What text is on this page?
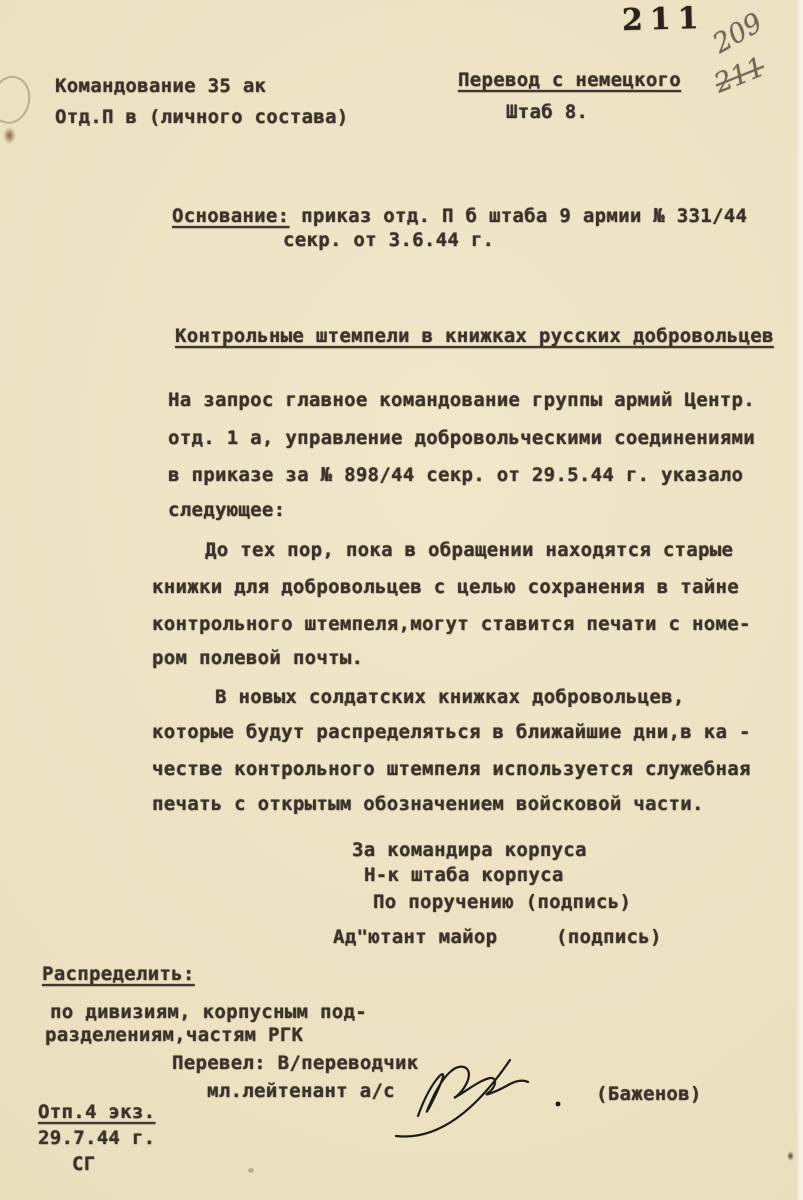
211 209
211
Командование 35 ак
Отд.П в (личного состава)
Перевод с немецкого
Штаб 8.
Основание: приказ отд. П б штаба 9 армии № 331/44
секр. от 3.6.44 г.
Контрольные штемпели в книжках русских добровольцев
На запрос главное командование группы армий Центр.
отд. 1 а, управление добровольческими соединениями
в приказе за № 898/44 секр. от 29.5.44 г. указало
следующее:
До тех пор, пока в обращении находятся старые
книжки для добровольцев с целью сохранения в тайне
контрольного штемпеля,могут ставится печати с номе-
ром полевой почты.
В новых солдатских книжках добровольцев,
которые будут распределяться в ближайшие дни,в ка -
честве контрольного штемпеля используется служебная
печать с открытым обозначением войсковой части.
За командира корпуса
Н-к штаба корпуса
По поручению (подпись)
Ад"ютант майор     (подпись)
Распределить:
по дивизиям, корпусным под-
разделениям,частям РГК
Перевел: В/переводчик
мл.лейтенант а/с	(Баженов)
Отп.4 экз.
29.7.44 г.
СГ
